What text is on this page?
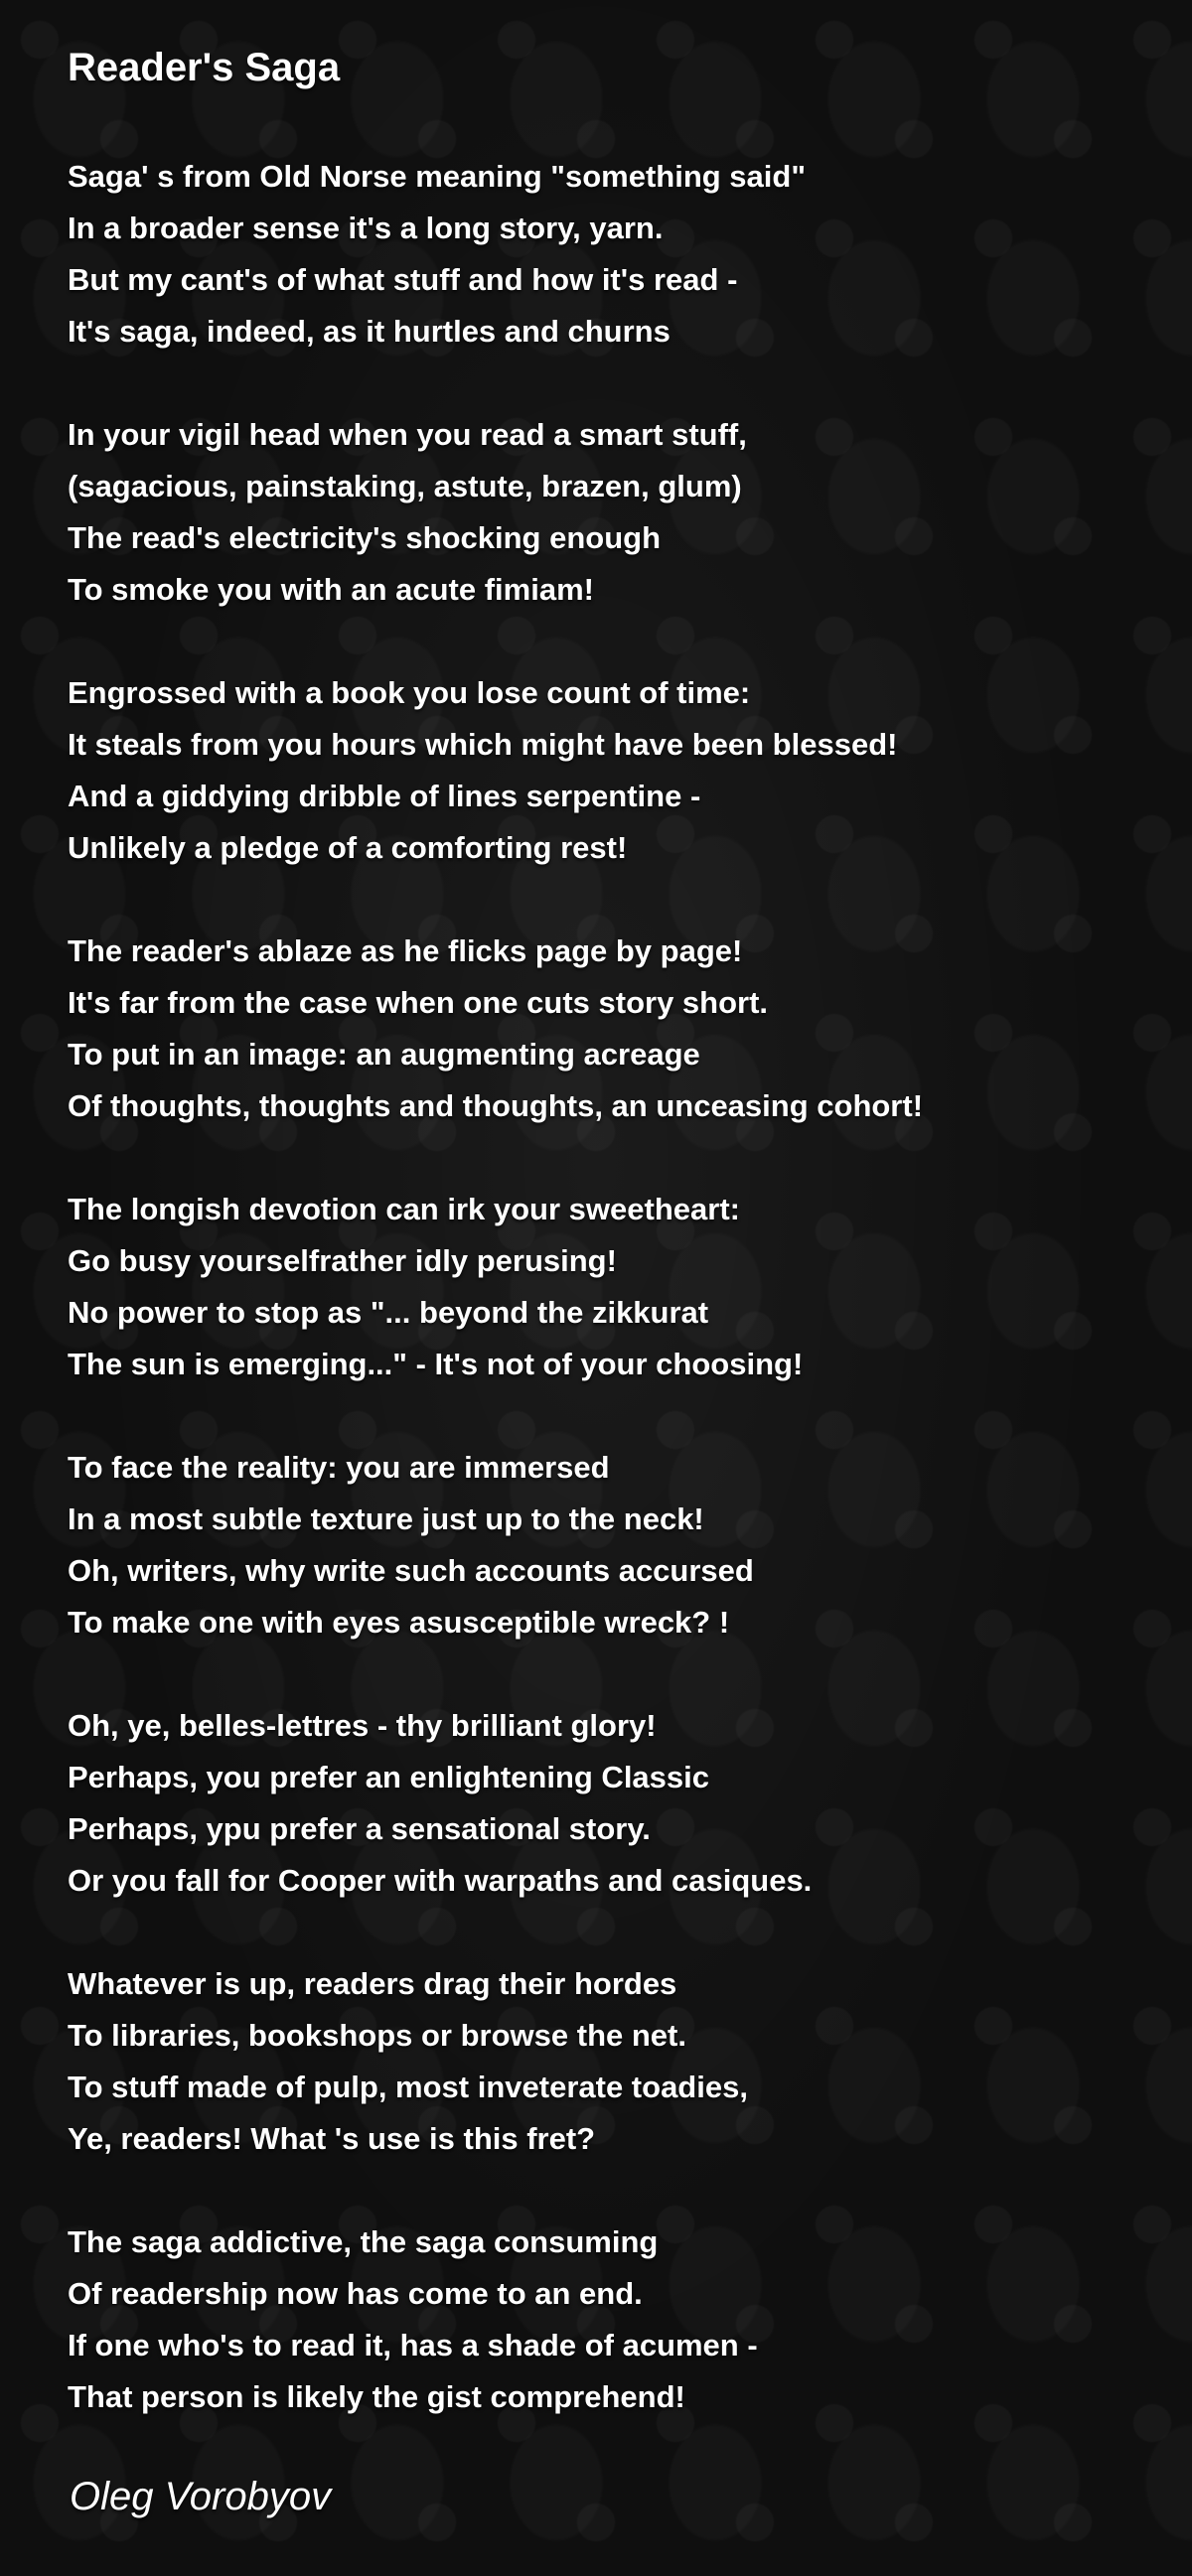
Reader's Saga
Saga' s from Old Norse meaning "something said"
In a broader sense it's a long story, yarn.
But my cant's of what stuff and how it's read -
It's saga, indeed, as it hurtles and churns
In your vigil head when you read a smart stuff,
(sagacious, painstaking, astute, brazen, glum)
The read's electricity's shocking enough
To smoke you with an acute fimiam!
Engrossed with a book you lose count of time:
It steals from you hours which might have been blessed!
And a giddying dribble of lines serpentine -
Unlikely a pledge of a comforting rest!
The reader's ablaze as he flicks page by page!
It's far from the case when one cuts story short.
To put in an image: an augmenting acreage
Of thoughts, thoughts and thoughts, an unceasing cohort!
The longish devotion can irk your sweetheart:
Go busy yourselfrather idly perusing!
No power to stop as "... beyond the zikkurat
The sun is emerging..." - It's not of your choosing!
To face the reality: you are immersed
In a most subtle texture just up to the neck!
Oh, writers, why write such accounts accursed
To make one with eyes asusceptible wreck? !
Oh, ye, belles-lettres - thy brilliant glory!
Perhaps, you prefer an enlightening Classic
Perhaps, ypu prefer a sensational story.
Or you fall for Cooper with warpaths and casiques.
Whatever is up, readers drag their hordes
To libraries, bookshops or browse the net.
To stuff made of pulp, most inveterate toadies,
Ye, readers! What 's use is this fret?
The saga addictive, the saga consuming
Of readership now has come to an end.
If one who's to read it, has a shade of acumen -
That person is likely the gist comprehend!

Oleg Vorobyov
